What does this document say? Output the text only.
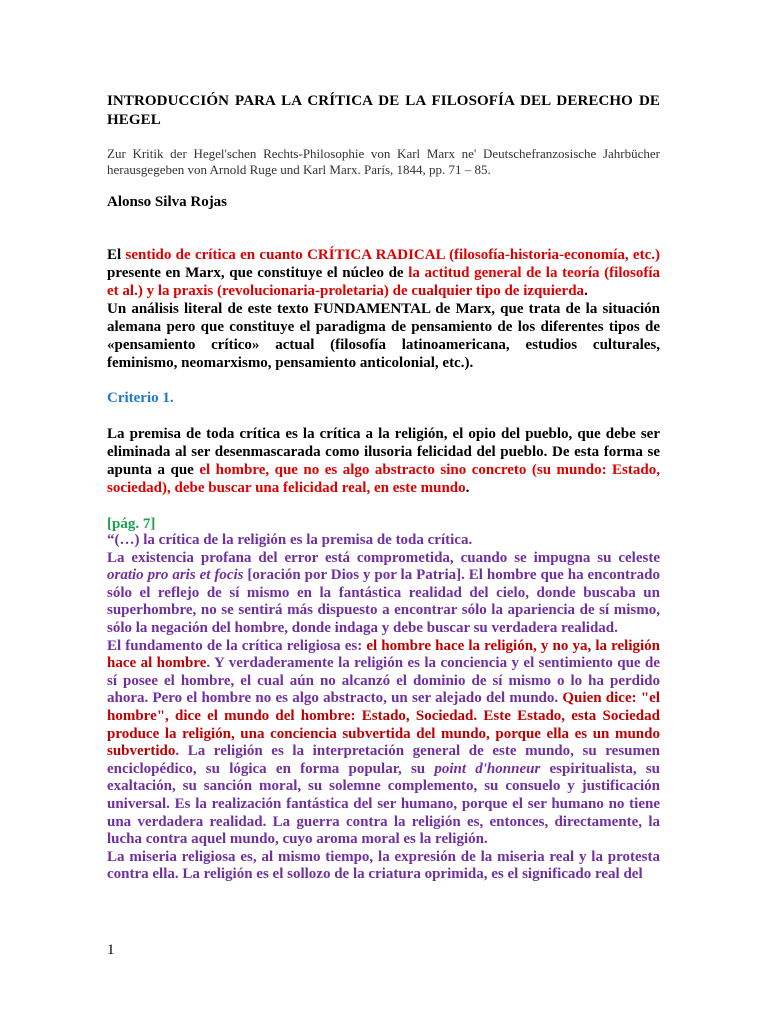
INTRODUCCIÓN PARA LA CRÍTICA DE LA FILOSOFÍA DEL DERECHO DE HEGEL
Zur Kritik der Hegel'schen Rechts-Philosophie von Karl Marx ne' Deutschefranzosische Jahrbücher herausgegeben von Arnold Ruge und Karl Marx. París, 1844, pp. 71 – 85.
Alonso Silva Rojas
El sentido de crítica en cuanto CRÍTICA RADICAL (filosofía-historia-economía, etc.) presente en Marx, que constituye el núcleo de la actitud general de la teoría (filosofía et al.) y la praxis (revolucionaria-proletaria) de cualquier tipo de izquierda.
Un análisis literal de este texto FUNDAMENTAL de Marx, que trata de la situación alemana pero que constituye el paradigma de pensamiento de los diferentes tipos de «pensamiento crítico» actual (filosofía latinoamericana, estudios culturales, feminismo, neomarxismo, pensamiento anticolonial, etc.).
Criterio 1.
La premisa de toda crítica es la crítica a la religión, el opio del pueblo, que debe ser eliminada al ser desenmascarada como ilusoria felicidad del pueblo. De esta forma se apunta a que el hombre, que no es algo abstracto sino concreto (su mundo: Estado, sociedad), debe buscar una felicidad real, en este mundo.
[pág. 7]

“(…) la crítica de la religión es la premisa de toda crítica.

La existencia profana del error está comprometida, cuando se impugna su celeste oratio pro aris et focis [oración por Dios y por la Patria]. El hombre que ha encontrado sólo el reflejo de sí mismo en la fantástica realidad del cielo, donde buscaba un superhombre, no se sentirá más dispuesto a encontrar sólo la apariencia de sí mismo, sólo la negación del hombre, donde indaga y debe buscar su verdadera realidad.

El fundamento de la crítica religiosa es: el hombre hace la religión, y no ya, la religión hace al hombre. Y verdaderamente la religión es la conciencia y el sentimiento que de sí posee el hombre, el cual aún no alcanzó el dominio de sí mismo o lo ha perdido ahora. Pero el hombre no es algo abstracto, un ser alejado del mundo. Quien dice: "el hombre", dice el mundo del hombre: Estado, Sociedad. Este Estado, esta Sociedad produce la religión, una conciencia subvertida del mundo, porque ella es un mundo subvertido. La religión es la interpretación general de este mundo, su resumen enciclopédico, su lógica en forma popular, su point d'honneur espiritualista, su exaltación, su sanción moral, su solemne complemento, su consuelo y justificación universal. Es la realización fantástica del ser humano, porque el ser humano no tiene una verdadera realidad. La guerra contra la religión es, entonces, directamente, la lucha contra aquel mundo, cuyo aroma moral es la religión.

La miseria religiosa es, al mismo tiempo, la expresión de la miseria real y la protesta contra ella. La religión es el sollozo de la criatura oprimida, es el significado real del

1
